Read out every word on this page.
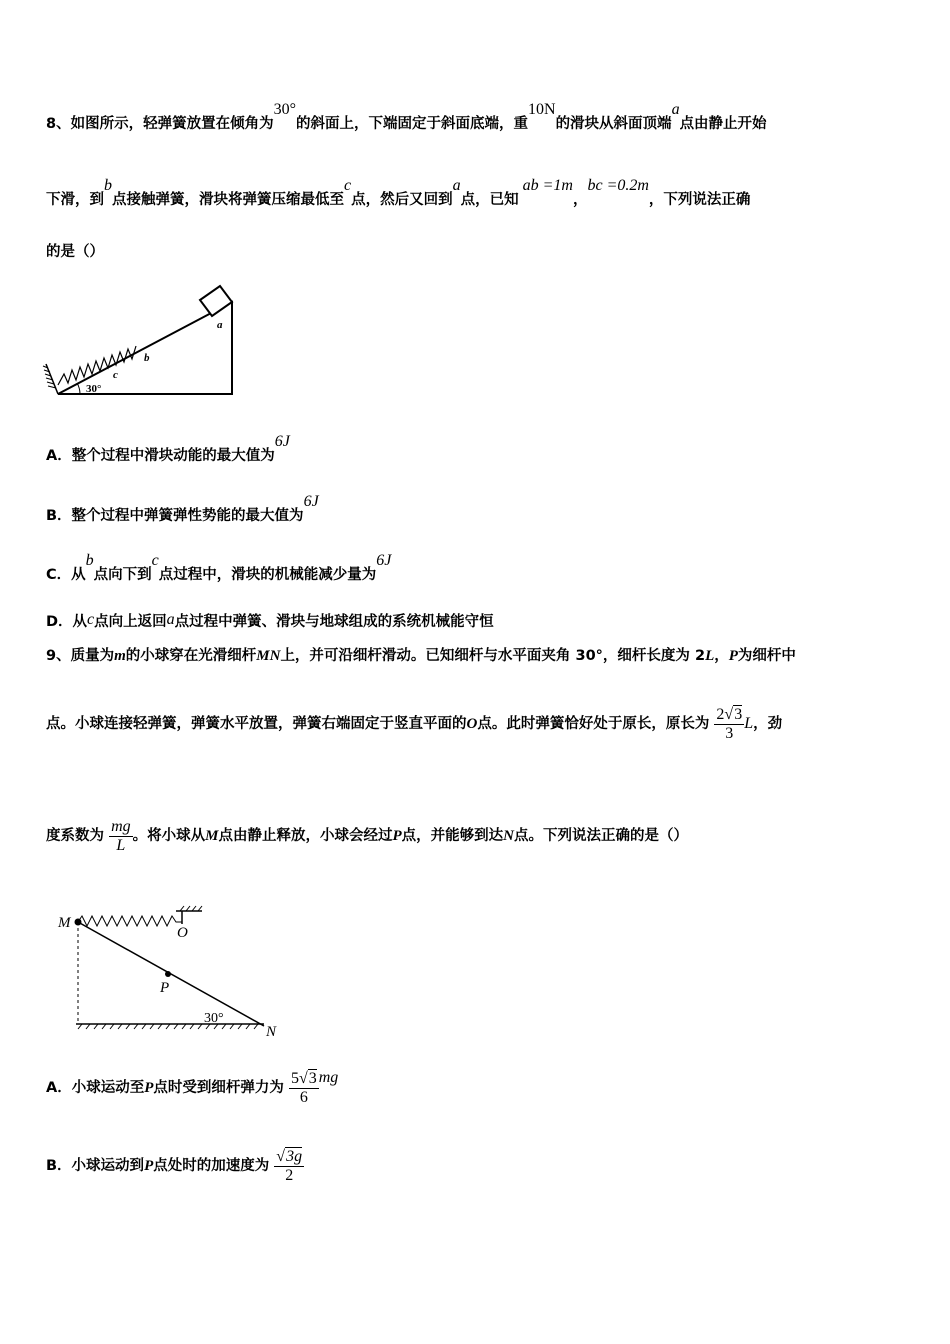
8、如图所示，轻弹簧放置在倾角为30°的斜面上，下端固定于斜面底端，重10N的滑块从斜面顶端a点由静止开始
下滑，到b点接触弹簧，滑块将弹簧压缩最低至c点，然后又回到a点，已知ab =1m，bc =0.2m，下列说法正确
的是（）
a
b
c
30°
A．整个过程中滑块动能的最大值为6J
B．整个过程中弹簧弹性势能的最大值为6J
C．从b点向下到c点过程中，滑块的机械能减少量为6J
D．从c点向上返回a点过程中弹簧、滑块与地球组成的系统机械能守恒
9、质量为m的小球穿在光滑细杆MN上，并可沿细杆滑动。已知细杆与水平面夹角 30°，细杆长度为 2L，P为细杆中
点。小球连接轻弹簧，弹簧水平放置，弹簧右端固定于竖直平面的O点。此时弹簧恰好处于原长，原长为 $\frac{2√3}{3}$ L，劲
度系数为 $\frac{mg}{L}$ 。将小球从M点由静止释放，小球会经过P点，并能够到达N点。下列说法正确的是（）
M
O
P
N
30°
A．小球运动至P点时受到细杆弹力为 $\frac{5√3}{6}$ mg
B．小球运动到P点处时的加速度为 $\frac{√3g}{2}$
